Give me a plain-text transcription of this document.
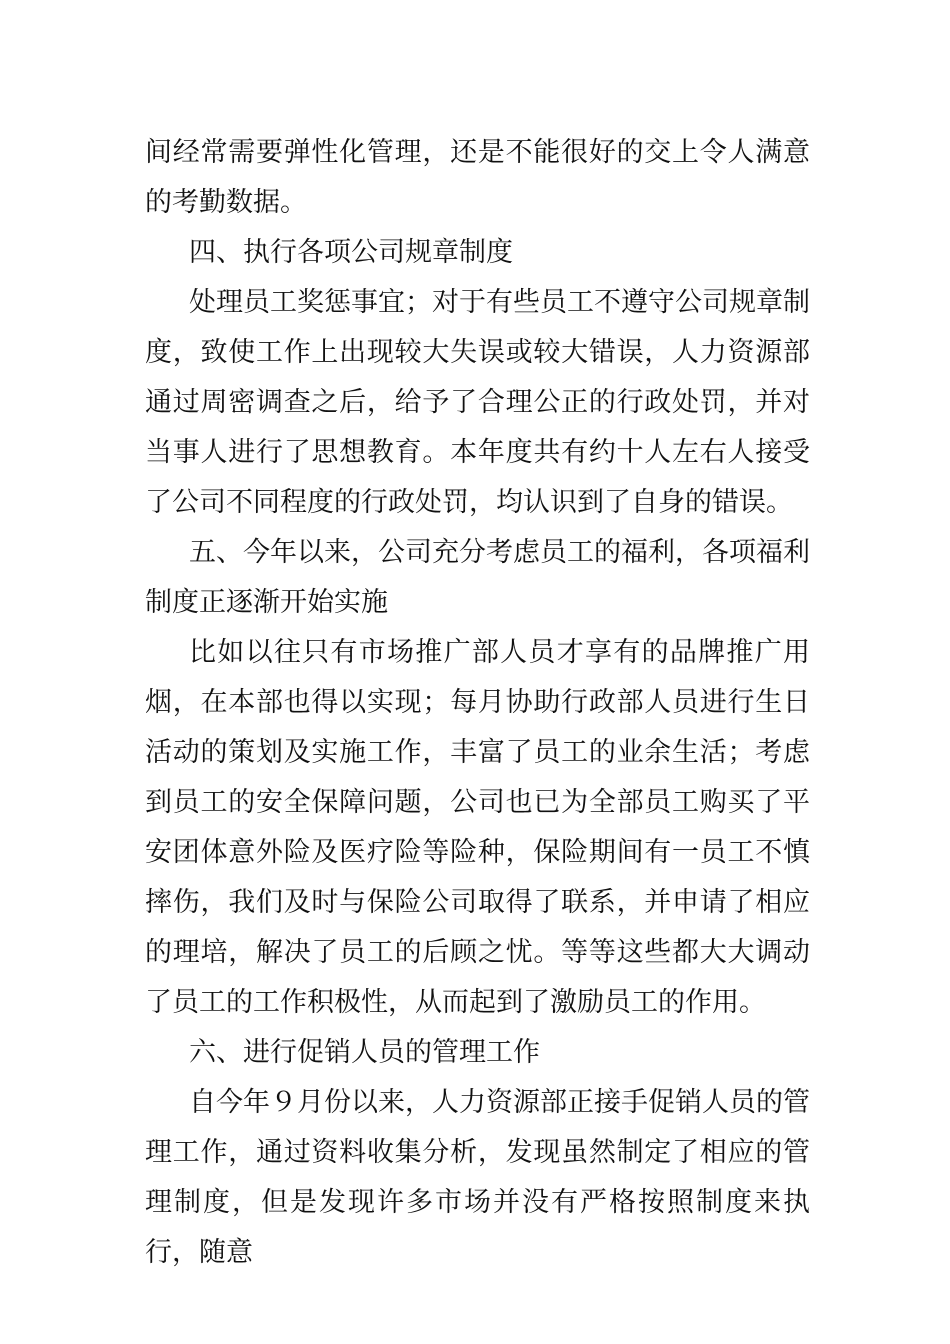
间经常需要弹性化管理，还是不能很好的交上令人满意的考勤数据。

四、执行各项公司规章制度

处理员工奖惩事宜；对于有些员工不遵守公司规章制度，致使工作上出现较大失误或较大错误，人力资源部通过周密调查之后，给予了合理公正的行政处罚，并对当事人进行了思想教育。本年度共有约十人左右人接受了公司不同程度的行政处罚，均认识到了自身的错误。

五、今年以来，公司充分考虑员工的福利，各项福利制度正逐渐开始实施

比如以往只有市场推广部人员才享有的品牌推广用烟，在本部也得以实现；每月协助行政部人员进行生日活动的策划及实施工作，丰富了员工的业余生活；考虑到员工的安全保障问题，公司也已为全部员工购买了平安团体意外险及医疗险等险种，保险期间有一员工不慎摔伤，我们及时与保险公司取得了联系，并申请了相应的理培，解决了员工的后顾之忧。等等这些都大大调动了员工的工作积极性，从而起到了激励员工的作用。

六、进行促销人员的管理工作

自今年９月份以来，人力资源部正接手促销人员的管理工作，通过资料收集分析，发现虽然制定了相应的管理制度，但是发现许多市场并没有严格按照制度来执行，随意
